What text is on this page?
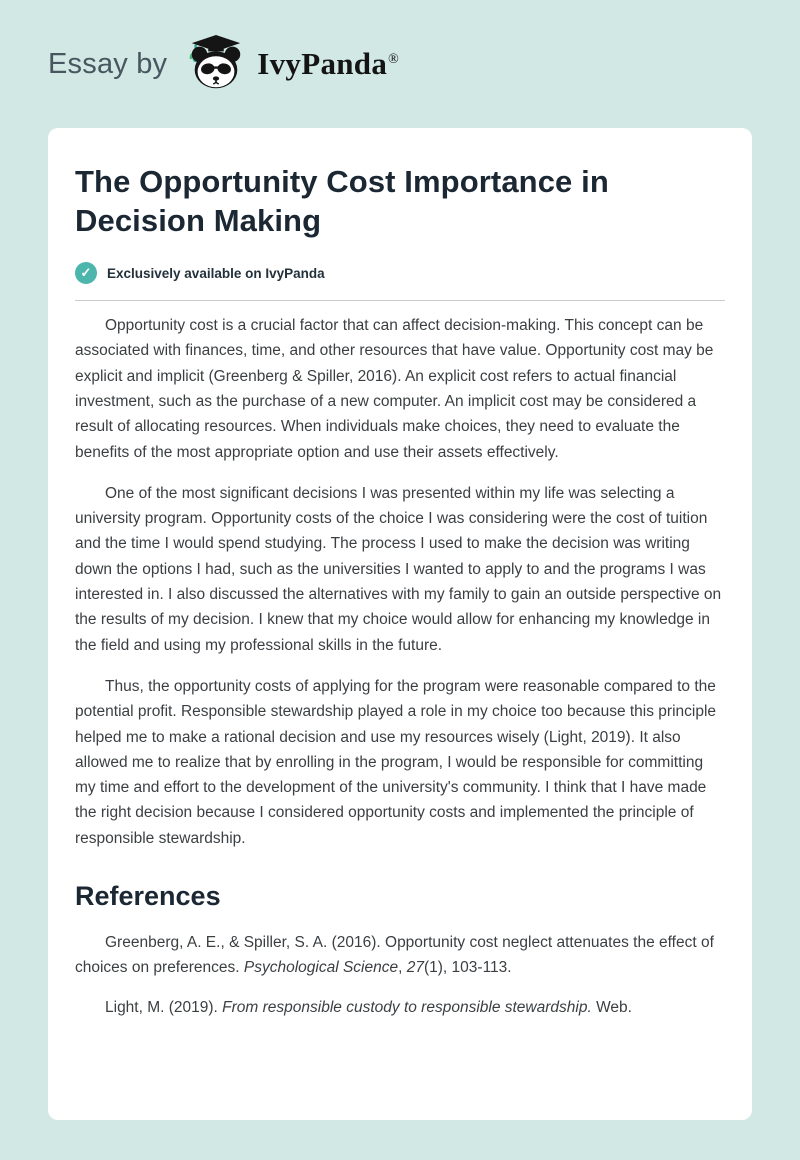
Essay by	IvyPanda®
The Opportunity Cost Importance in Decision Making
✓	Exclusively available on IvyPanda

Opportunity cost is a crucial factor that can affect decision-making. This concept can be associated with finances, time, and other resources that have value. Opportunity cost may be explicit and implicit (Greenberg & Spiller, 2016). An explicit cost refers to actual financial investment, such as the purchase of a new computer. An implicit cost may be considered a result of allocating resources. When individuals make choices, they need to evaluate the benefits of the most appropriate option and use their assets effectively.

One of the most significant decisions I was presented within my life was selecting a university program. Opportunity costs of the choice I was considering were the cost of tuition and the time I would spend studying. The process I used to make the decision was writing down the options I had, such as the universities I wanted to apply to and the programs I was interested in. I also discussed the alternatives with my family to gain an outside perspective on the results of my decision. I knew that my choice would allow for enhancing my knowledge in the field and using my professional skills in the future.

Thus, the opportunity costs of applying for the program were reasonable compared to the potential profit. Responsible stewardship played a role in my choice too because this principle helped me to make a rational decision and use my resources wisely (Light, 2019). It also allowed me to realize that by enrolling in the program, I would be responsible for committing my time and effort to the development of the university's community. I think that I have made the right decision because I considered opportunity costs and implemented the principle of responsible stewardship.

References

Greenberg, A. E., & Spiller, S. A. (2016). Opportunity cost neglect attenuates the effect of choices on preferences. Psychological Science, 27(1), 103-113.

Light, M. (2019). From responsible custody to responsible stewardship. Web.
